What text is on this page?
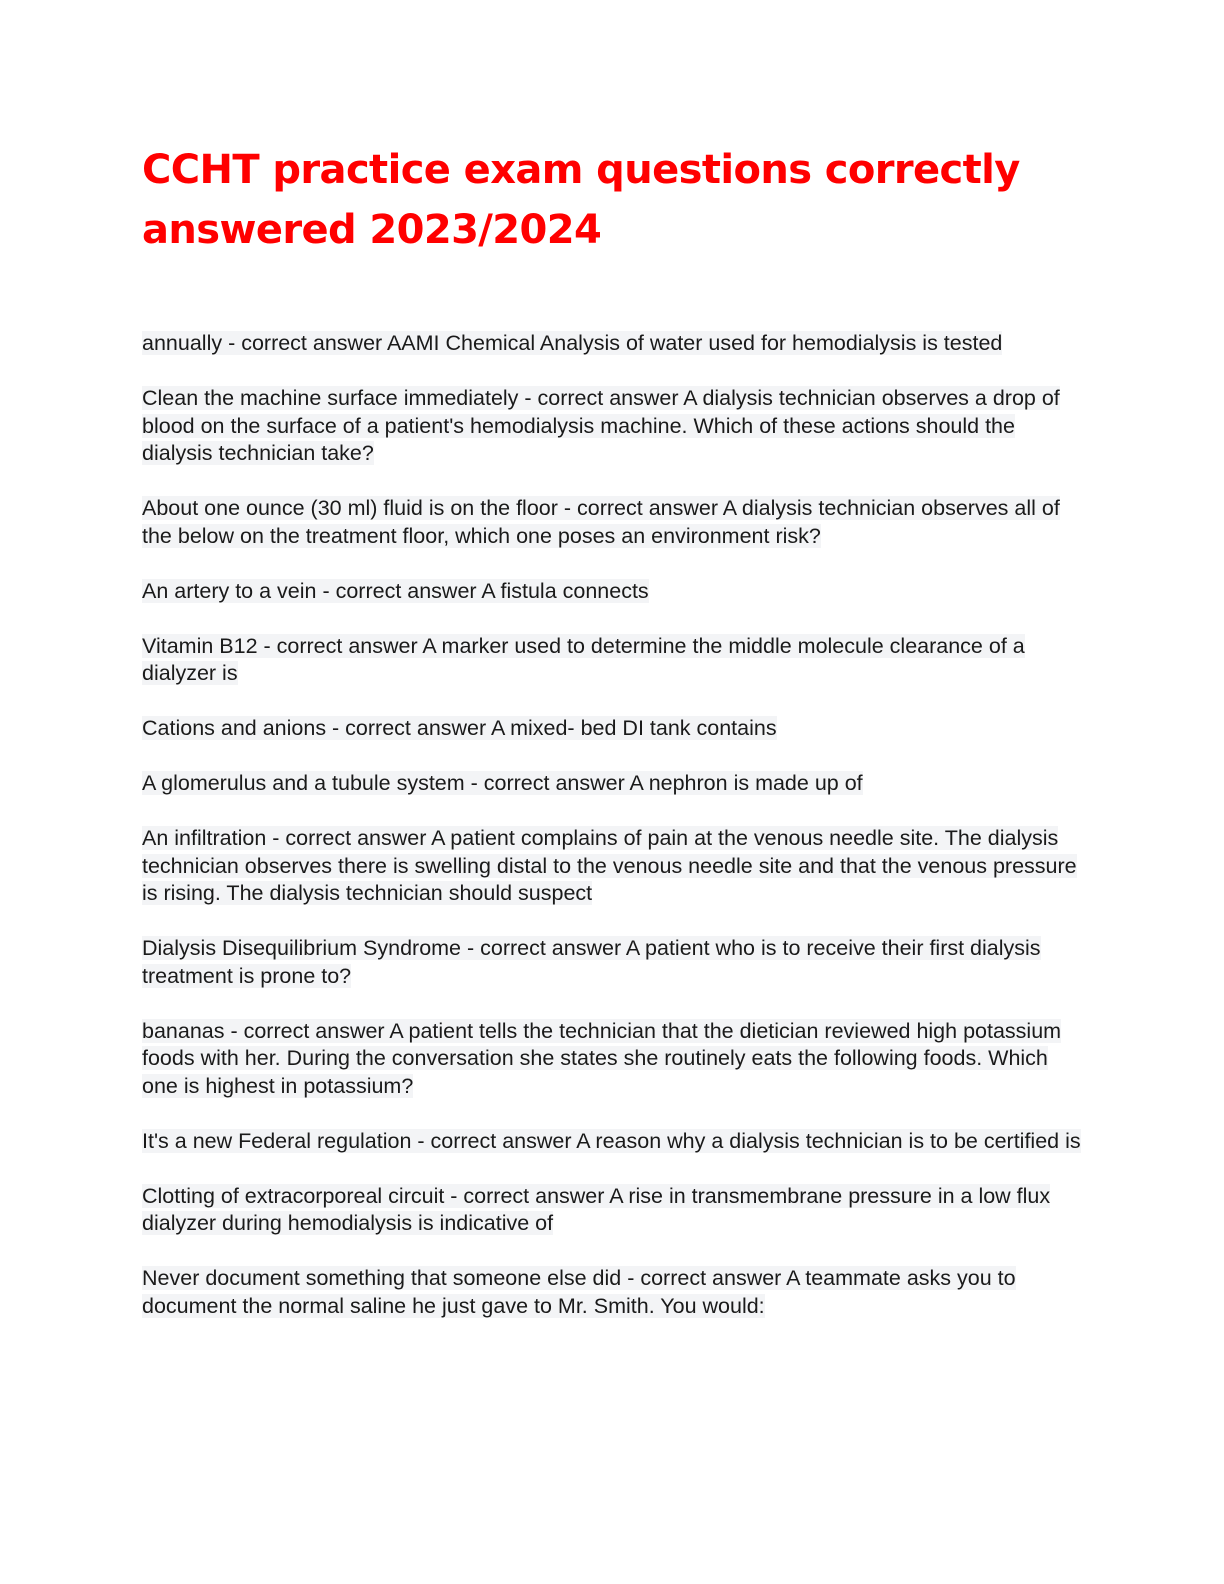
CCHT practice exam questions correctly answered 2023/2024
annually - correct answer AAMI Chemical Analysis of water used for hemodialysis is tested
Clean the machine surface immediately - correct answer A dialysis technician observes a drop of blood on the surface of a patient's hemodialysis machine. Which of these actions should the dialysis technician take?
About one ounce (30 ml) fluid is on the floor - correct answer A dialysis technician observes all of the below on the treatment floor, which one poses an environment risk?
An artery to a vein - correct answer A fistula connects
Vitamin B12 - correct answer A marker used to determine the middle molecule clearance of a dialyzer is
Cations and anions - correct answer A mixed- bed DI tank contains
A glomerulus and a tubule system - correct answer A nephron is made up of
An infiltration - correct answer A patient complains of pain at the venous needle site. The dialysis technician observes there is swelling distal to the venous needle site and that the venous pressure is rising. The dialysis technician should suspect
Dialysis Disequilibrium Syndrome - correct answer A patient who is to receive their first dialysis treatment is prone to?
bananas - correct answer A patient tells the technician that the dietician reviewed high potassium foods with her. During the conversation she states she routinely eats the following foods. Which one is highest in potassium?
It's a new Federal regulation - correct answer A reason why a dialysis technician is to be certified is
Clotting of extracorporeal circuit - correct answer A rise in transmembrane pressure in a low flux dialyzer during hemodialysis is indicative of
Never document something that someone else did - correct answer A teammate asks you to document the normal saline he just gave to Mr. Smith. You would:
